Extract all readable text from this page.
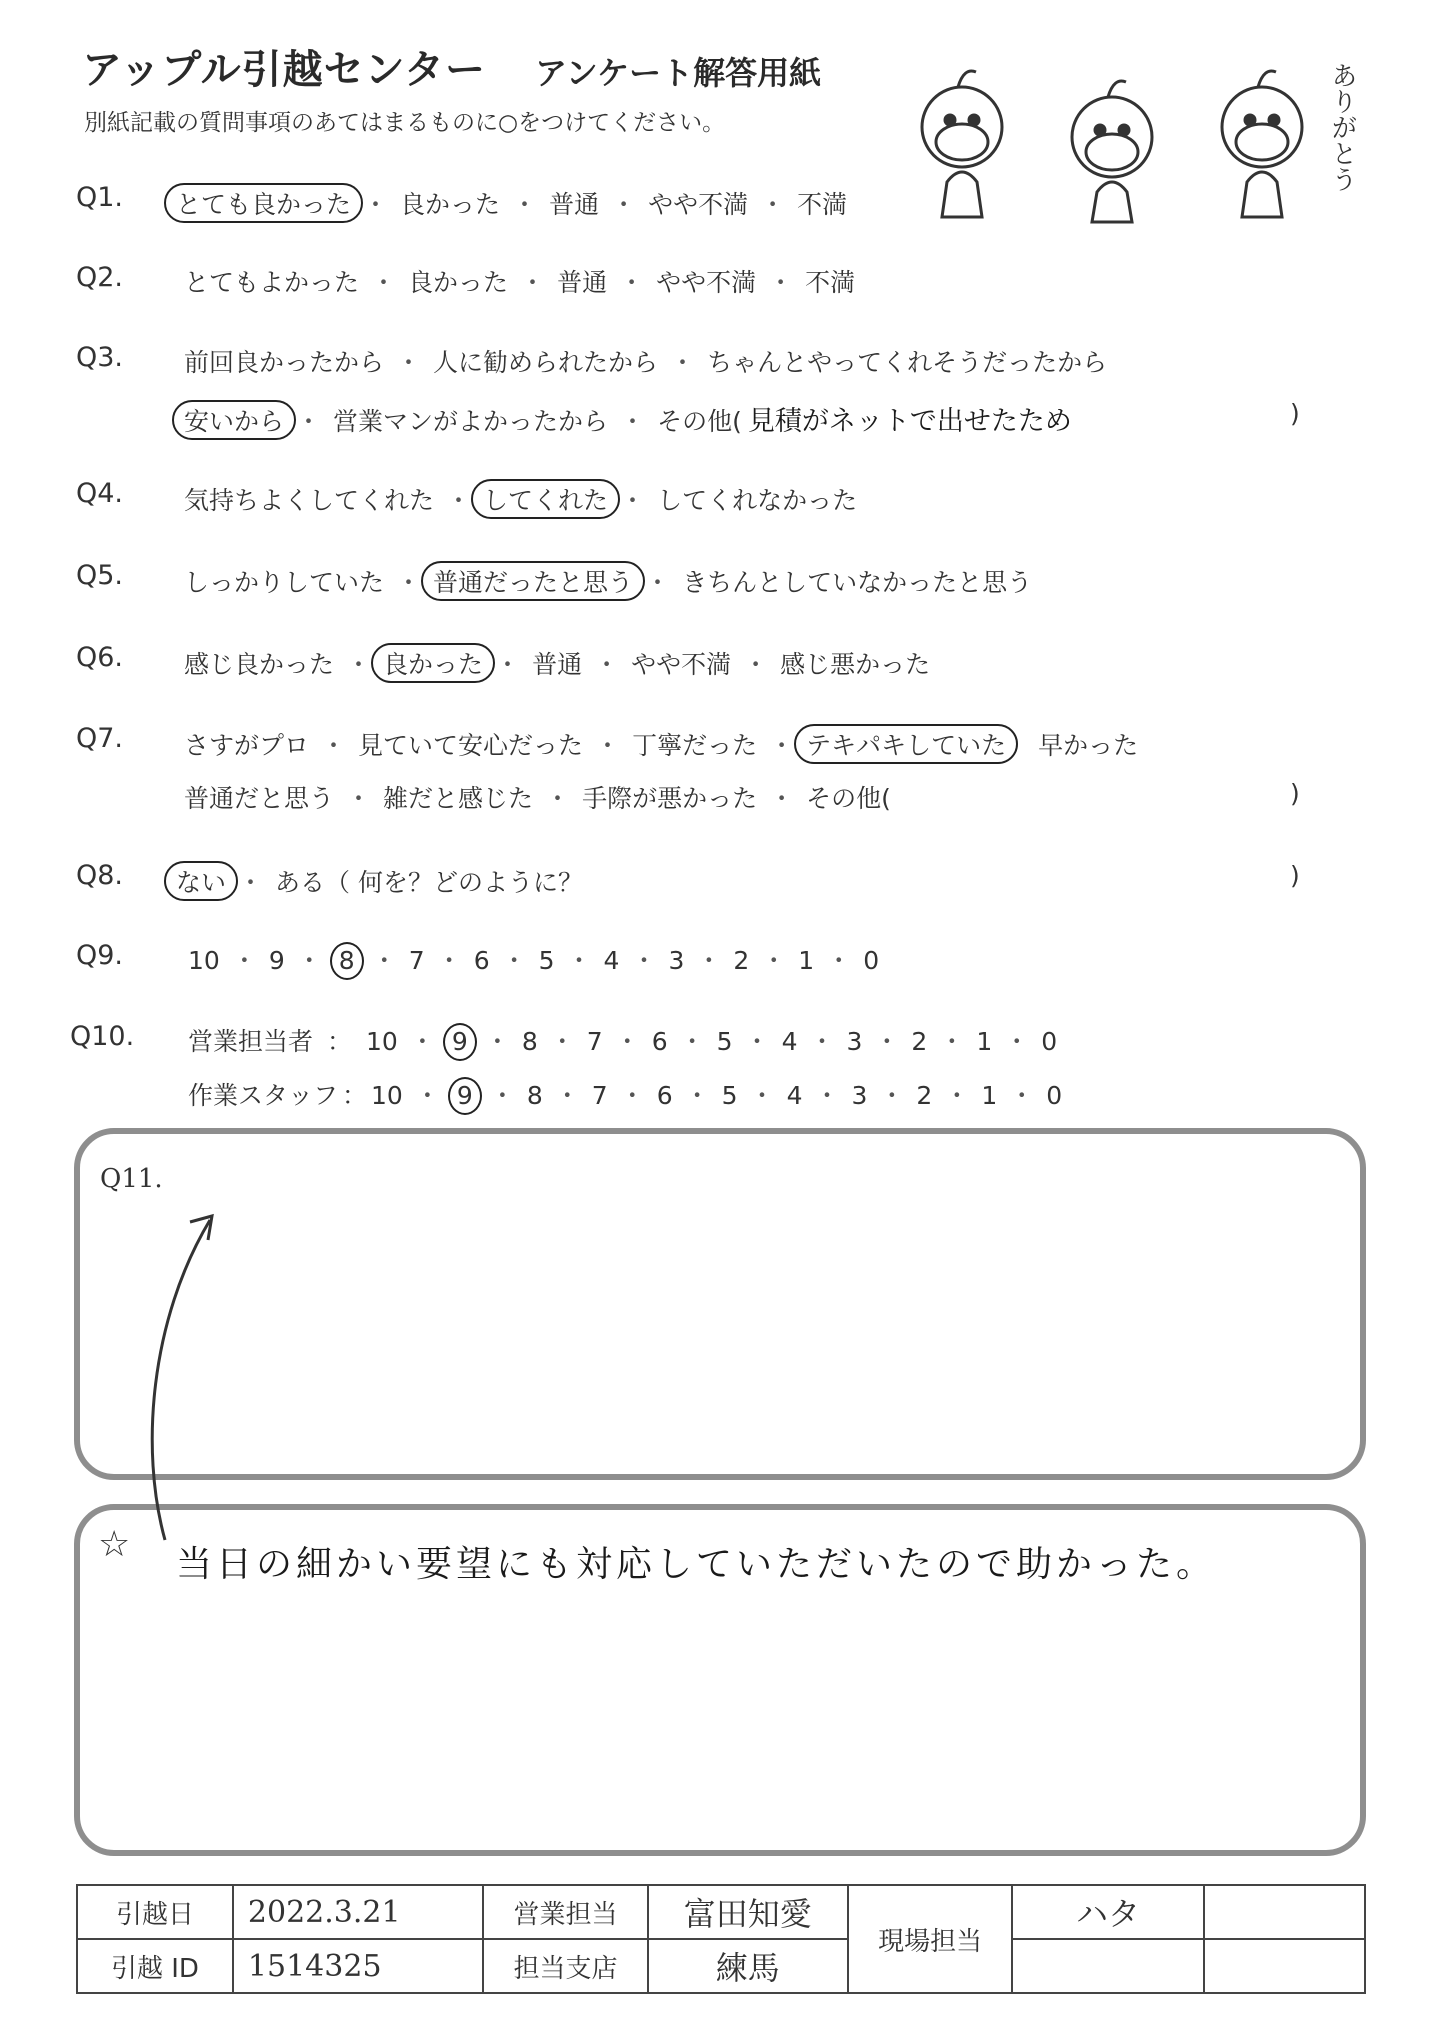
アップル引越センター アンケート解答用紙
別紙記載の質問事項のあてはまるものに○をつけてください。	ありがとう
Q1. とても良かった ・ 良かった ・ 普通 ・ やや不満 ・ 不満
Q2. とてもよかった ・ 良かった ・ 普通 ・ やや不満 ・ 不満
Q3. 前回良かったから ・ 人に勧められたから ・ ちゃんとやってくれそうだったから
安いから ・ 営業マンがよかったから ・ その他( 見積がネットで出せたため	)
Q4. 気持ちよくしてくれた ・ してくれた ・ してくれなかった
Q5. しっかりしていた ・ 普通だったと思う ・ きちんとしていなかったと思う
Q6. 感じ良かった ・ 良かった ・ 普通 ・ やや不満 ・ 感じ悪かった
Q7. さすがプロ ・ 見ていて安心だった ・ 丁寧だった ・ テキパキしていた 早かった
普通だと思う ・ 雑だと感じた ・ 手際が悪かった ・ その他(	)
Q8. ない ・ ある（ 何を？どのように？	)
Q9.	10 ・ 9 ・ 8 ・ 7 ・ 6 ・ 5 ・ 4 ・ 3 ・ 2 ・ 1 ・ 0
Q10. 営業担当者 ： 10 ・ 9 ・ 8 ・ 7 ・ 6 ・ 5 ・ 4 ・ 3 ・ 2 ・ 1 ・ 0
作業スタッフ ： 10 ・ 9 ・ 8 ・ 7 ・ 6 ・ 5 ・ 4 ・ 3 ・ 2 ・ 1 ・ 0
Q11.
☆ 当日の細かい要望にも対応していただいたので助かった。
引越日	2022.3.21	営業担当	富田知愛	現場担当	ハタ	
引越 ID	1514325	担当支店	練馬			
